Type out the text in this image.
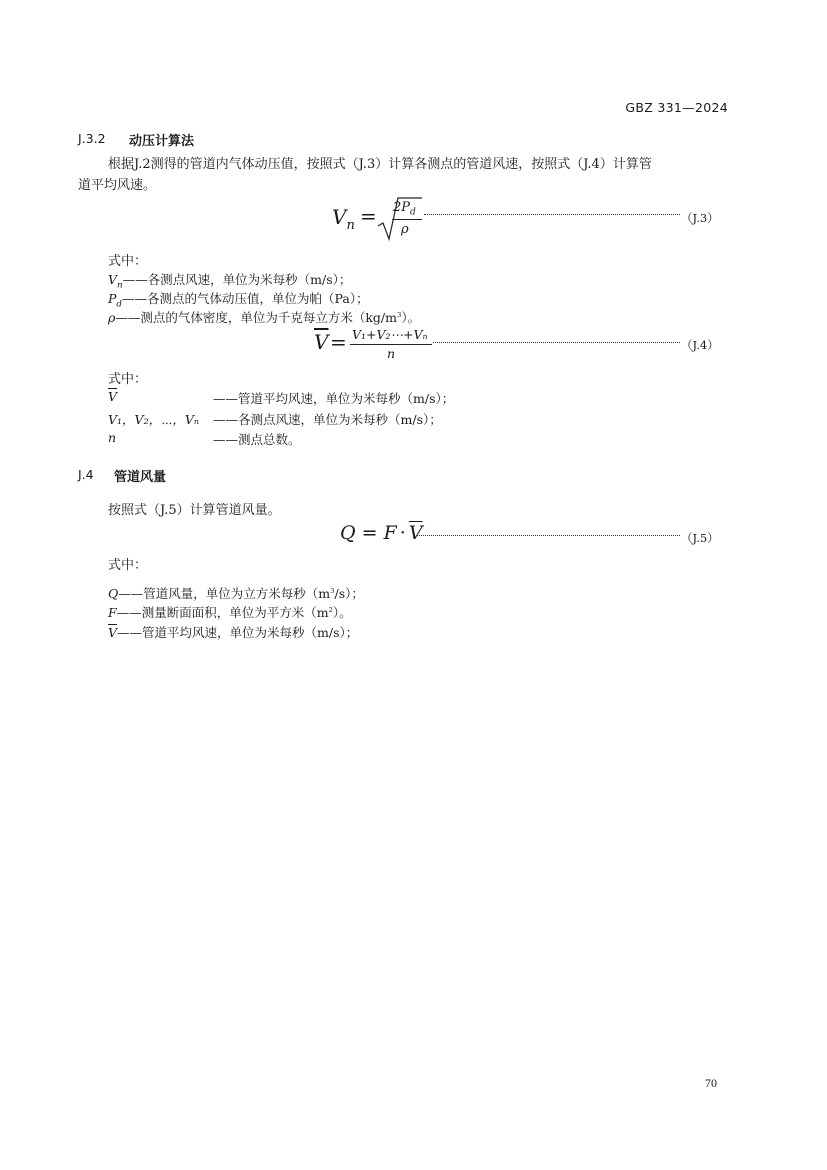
GBZ 331—2024
J.3.2 动压计算法
根据J.2测得的管道内气体动压值，按照式（J.3）计算各测点的管道风速，按照式（J.4）计算管
道平均风速。
$V_n = 2P_d$
ρ
（J.3）
式中：
$V_n——$各测点风速，单位为米每秒（m/s）；
$P_d——$各测点的气体动压值，单位为帕（Pa）；
ρ——测点的气体密度，单位为千克每立方米$(kg/m^3)$。
$\overline{V}$ = V₁+V₂⋯+Vₙ
n
（J.4）
式中：
$\overline{V}$	——管道平均风速，单位为米每秒（m/s）；
V₁，V₂，⋯，Vₙ ——各测点风速，单位为米每秒（m/s）；
n	——测点总数。
J.4 管道风量
按照式（J.5）计算管道风量。
$Q = F \cdot \overline{V}$	（J.5）
式中：
Q——管道风量，单位为立方米每秒$(m^3/s)$；
F——测量断面面积，单位为平方米$(m^2)$。
$\overline{V}——$管道平均风速，单位为米每秒（m/s）；
70
